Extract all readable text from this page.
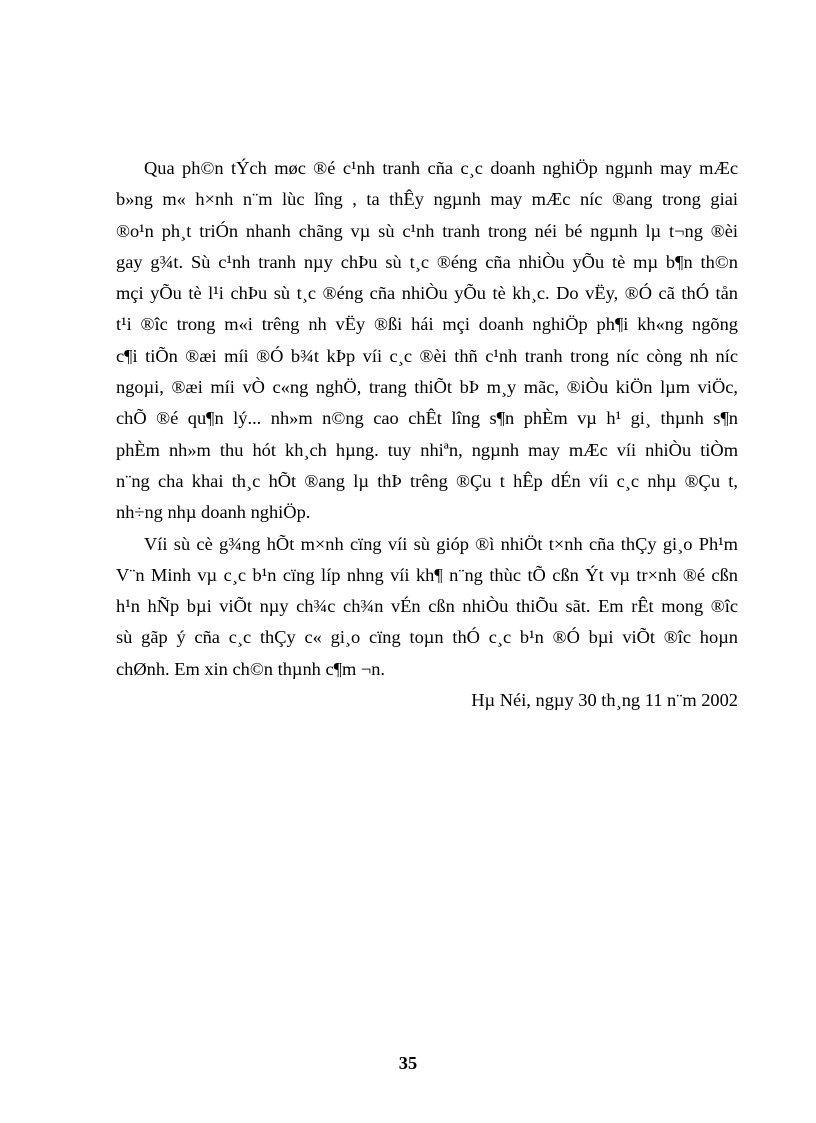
Qua ph©n tÝch møc ®é c¹nh tranh cña c¸c doanh nghiÖp ngµnh may mÆc
b»ng m« h×nh n¨m lùc lîng , ta thÊy ngµnh may mÆc níc ®ang trong giai
®o¹n ph¸t triÓn nhanh chãng vµ sù c¹nh tranh trong néi bé ngµnh lµ t¬ng ®èi
gay g¾t. Sù c¹nh tranh nµy chÞu sù t¸c ®éng cña nhiÒu yÕu tè mµ b¶n th©n
mçi yÕu tè l¹i chÞu sù t¸c ®éng cña nhiÒu yÕu tè kh¸c. Do vËy, ®Ó cã thÓ tån
t¹i ®îc trong m«i trêng nh vËy ®ßi hái mçi doanh nghiÖp ph¶i kh«ng ngõng
c¶i tiÕn ®æi míi ®Ó b¾t kÞp víi c¸c ®èi thñ c¹nh tranh trong níc còng nh níc
ngoµi, ®æi míi vÒ c«ng nghÖ, trang thiÕt bÞ m¸y mãc, ®iÒu kiÖn lµm viÖc,
chÕ ®é qu¶n lý... nh»m n©ng cao chÊt lîng s¶n phÈm vµ h¹ gi¸ thµnh s¶n
phÈm nh»m thu hót kh¸ch hµng. tuy nhiªn, ngµnh may mÆc víi nhiÒu tiÒm
n¨ng cha khai th¸c hÕt ®ang lµ thÞ trêng ®Çu t hÊp dÉn víi c¸c nhµ ®Çu t,
nh÷ng nhµ doanh nghiÖp.

Víi sù cè g¾ng hÕt m×nh cïng víi sù gióp ®ì nhiÖt t×nh cña thÇy gi¸o Ph¹m
V¨n Minh vµ c¸c b¹n cïng líp nhng víi kh¶ n¨ng thùc tÕ cßn Ýt vµ tr×nh ®é cßn
h¹n hÑp bµi viÕt nµy ch¾c ch¾n vÉn cßn nhiÒu thiÕu sãt. Em rÊt mong ®îc
sù gãp ý cña c¸c thÇy c« gi¸o cïng toµn thÓ c¸c b¹n ®Ó bµi viÕt ®îc hoµn
chØnh. Em xin ch©n thµnh c¶m ¬n.

Hµ Néi, ngµy 30 th¸ng 11 n¨m 2002
35
